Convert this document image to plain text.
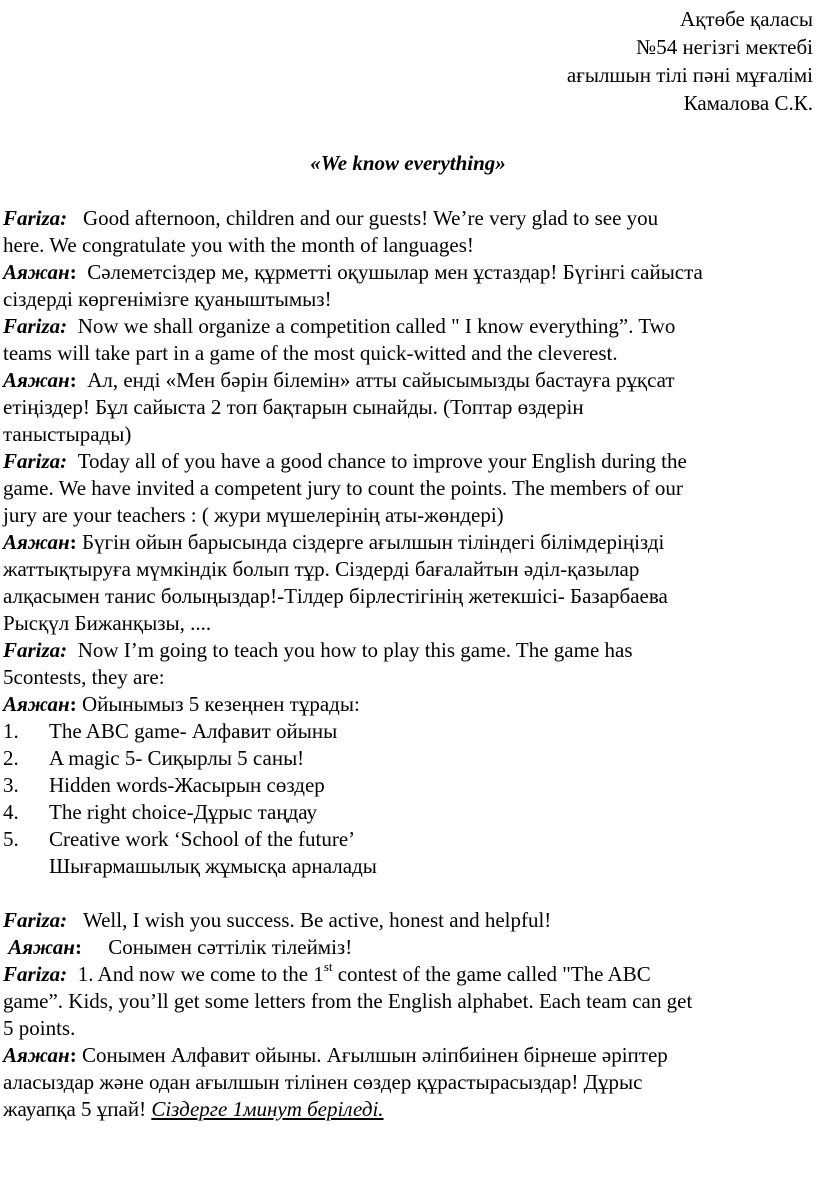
Ақтөбе қаласы
№54 негізгі мектебі
ағылшын тілі пәні мұғалімі
Камалова С.К.
«We know everything»
Fariza: Good afternoon, children and our guests! We’re very glad to see you
here. We congratulate you with the month of languages!
Аяжан: Сәлеметсіздер ме, құрметті оқушылар мен ұстаздар! Бүгінгі сайыста
сіздерді көргенімізге қуаныштымыз!
Fariza: Now we shall organize a competition called " I know everything”. Two
teams will take part in a game of the most quick-witted and the cleverest.
Аяжан: Ал, енді «Мен бәрін білемін» атты сайысымызды бастауға рұқсат
етіңіздер! Бұл сайыста 2 топ бақтарын сынайды. (Топтар өздерін
таныстырады)
Fariza: Today all of you have a good chance to improve your English during the
game. We have invited a competent jury to count the points. The members of our
jury are your teachers : ( жури мүшелерінің аты-жөндері)
Аяжан: Бүгін ойын барысында сіздерге ағылшын тіліндегі білімдеріңізді
жаттықтыруға мүмкіндік болып тұр. Сіздерді бағалайтын әділ-қазылар
алқасымен танис болыңыздар!-Тілдер бірлестігінің жетекшісі- Базарбаева
Рысқүл Бижанқызы, ....
Fariza: Now I’m going to teach you how to play this game. The game has
5contests, they are:
Аяжан: Ойынымыз 5 кезеңнен тұрады:
1. The ABC game- Алфавит ойыны
2. A magic 5- Сиқырлы 5 саны!
3. Hidden words-Жасырын сөздер
4. The right choice-Дұрыс таңдау
5. Creative work ‘School of the future’
Шығармашылық жұмысқа арналады
Fariza: Well, I wish you success. Be active, honest and helpful!
Аяжан: Сонымен сәттілік тілейміз!
Fariza: 1. And now we come to the 1st contest of the game called "The ABC
game”. Kids, you’ll get some letters from the English alphabet. Each team can get
5 points.
Аяжан: Сонымен Алфавит ойыны. Ағылшын әліпбиінен бірнеше әріптер
аласыздар және одан ағылшын тілінен сөздер құрастырасыздар! Дұрыс
жауапқа 5 ұпай! Сіздерге 1минут беріледі.
